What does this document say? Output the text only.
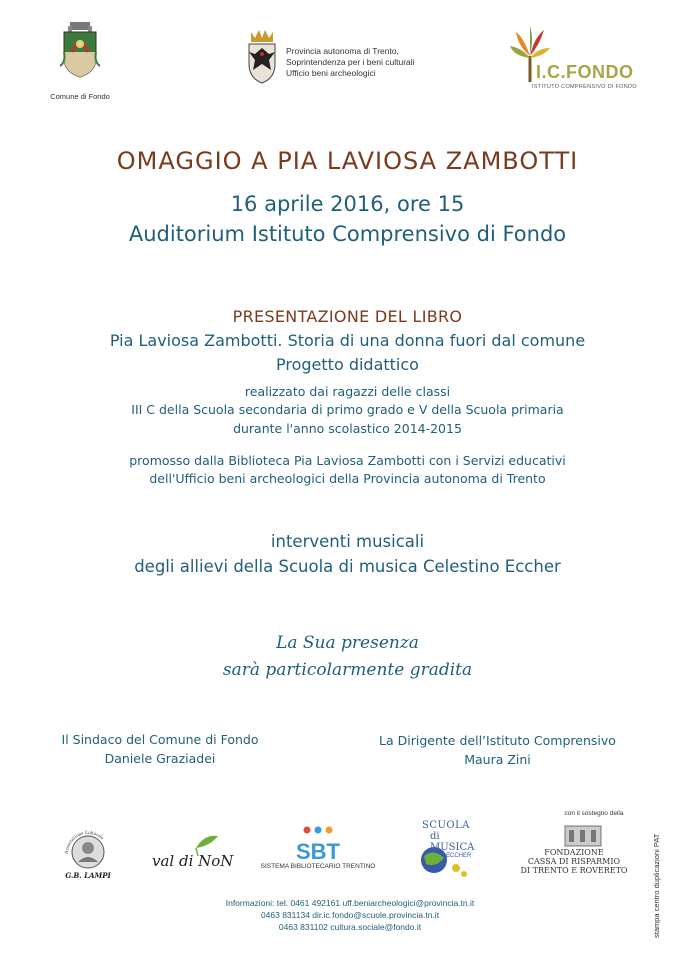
Comune di Fondo
Provincia autonoma di Trento,
Soprintendenza per i beni culturali
Ufficio beni archeologici	I.C.FONDO
ISTITUTO COMPRENSIVO DI FONDO
OMAGGIO A PIA LAVIOSA ZAMBOTTI
16 aprile 2016, ore 15
Auditorium Istituto Comprensivo di Fondo
PRESENTAZIONE DEL LIBRO
Pia Laviosa Zambotti. Storia di una donna fuori dal comune
Progetto didattico
realizzato dai ragazzi delle classi
III C della Scuola secondaria di primo grado e V della Scuola primaria
durante l'anno scolastico 2014-2015
promosso dalla Biblioteca Pia Laviosa Zambotti con i Servizi educativi
dell'Ufficio beni archeologici della Provincia autonoma di Trento
interventi musicali
degli allievi della Scuola di musica Celestino Eccher
La Sua presenza
sarà particolarmente gradita
Il Sindaco del Comune di Fondo
Daniele Graziadei
La Dirigente dell’Istituto Comprensivo
Maura Zini
Associazione Culturale
G.B. LAMPI
val di NoN	SBT
SISTEMA BIBLIOTECARIO TRENTINO
SCUOLA
di MUSICA
ECCHER
con il sostegno della
FONDAZIONE
CASSA DI RISPARMIO
DI TRENTO E ROVERETO
Informazioni: tel. 0461 492161 uff.beniarcheologici@provincia.tn.it
0463 831134 dir.ic.fondo@scuole.provincia.tn.it
0463 831102 cultura.sociale@fondo.it	stampa centro duplicazioni PAT
